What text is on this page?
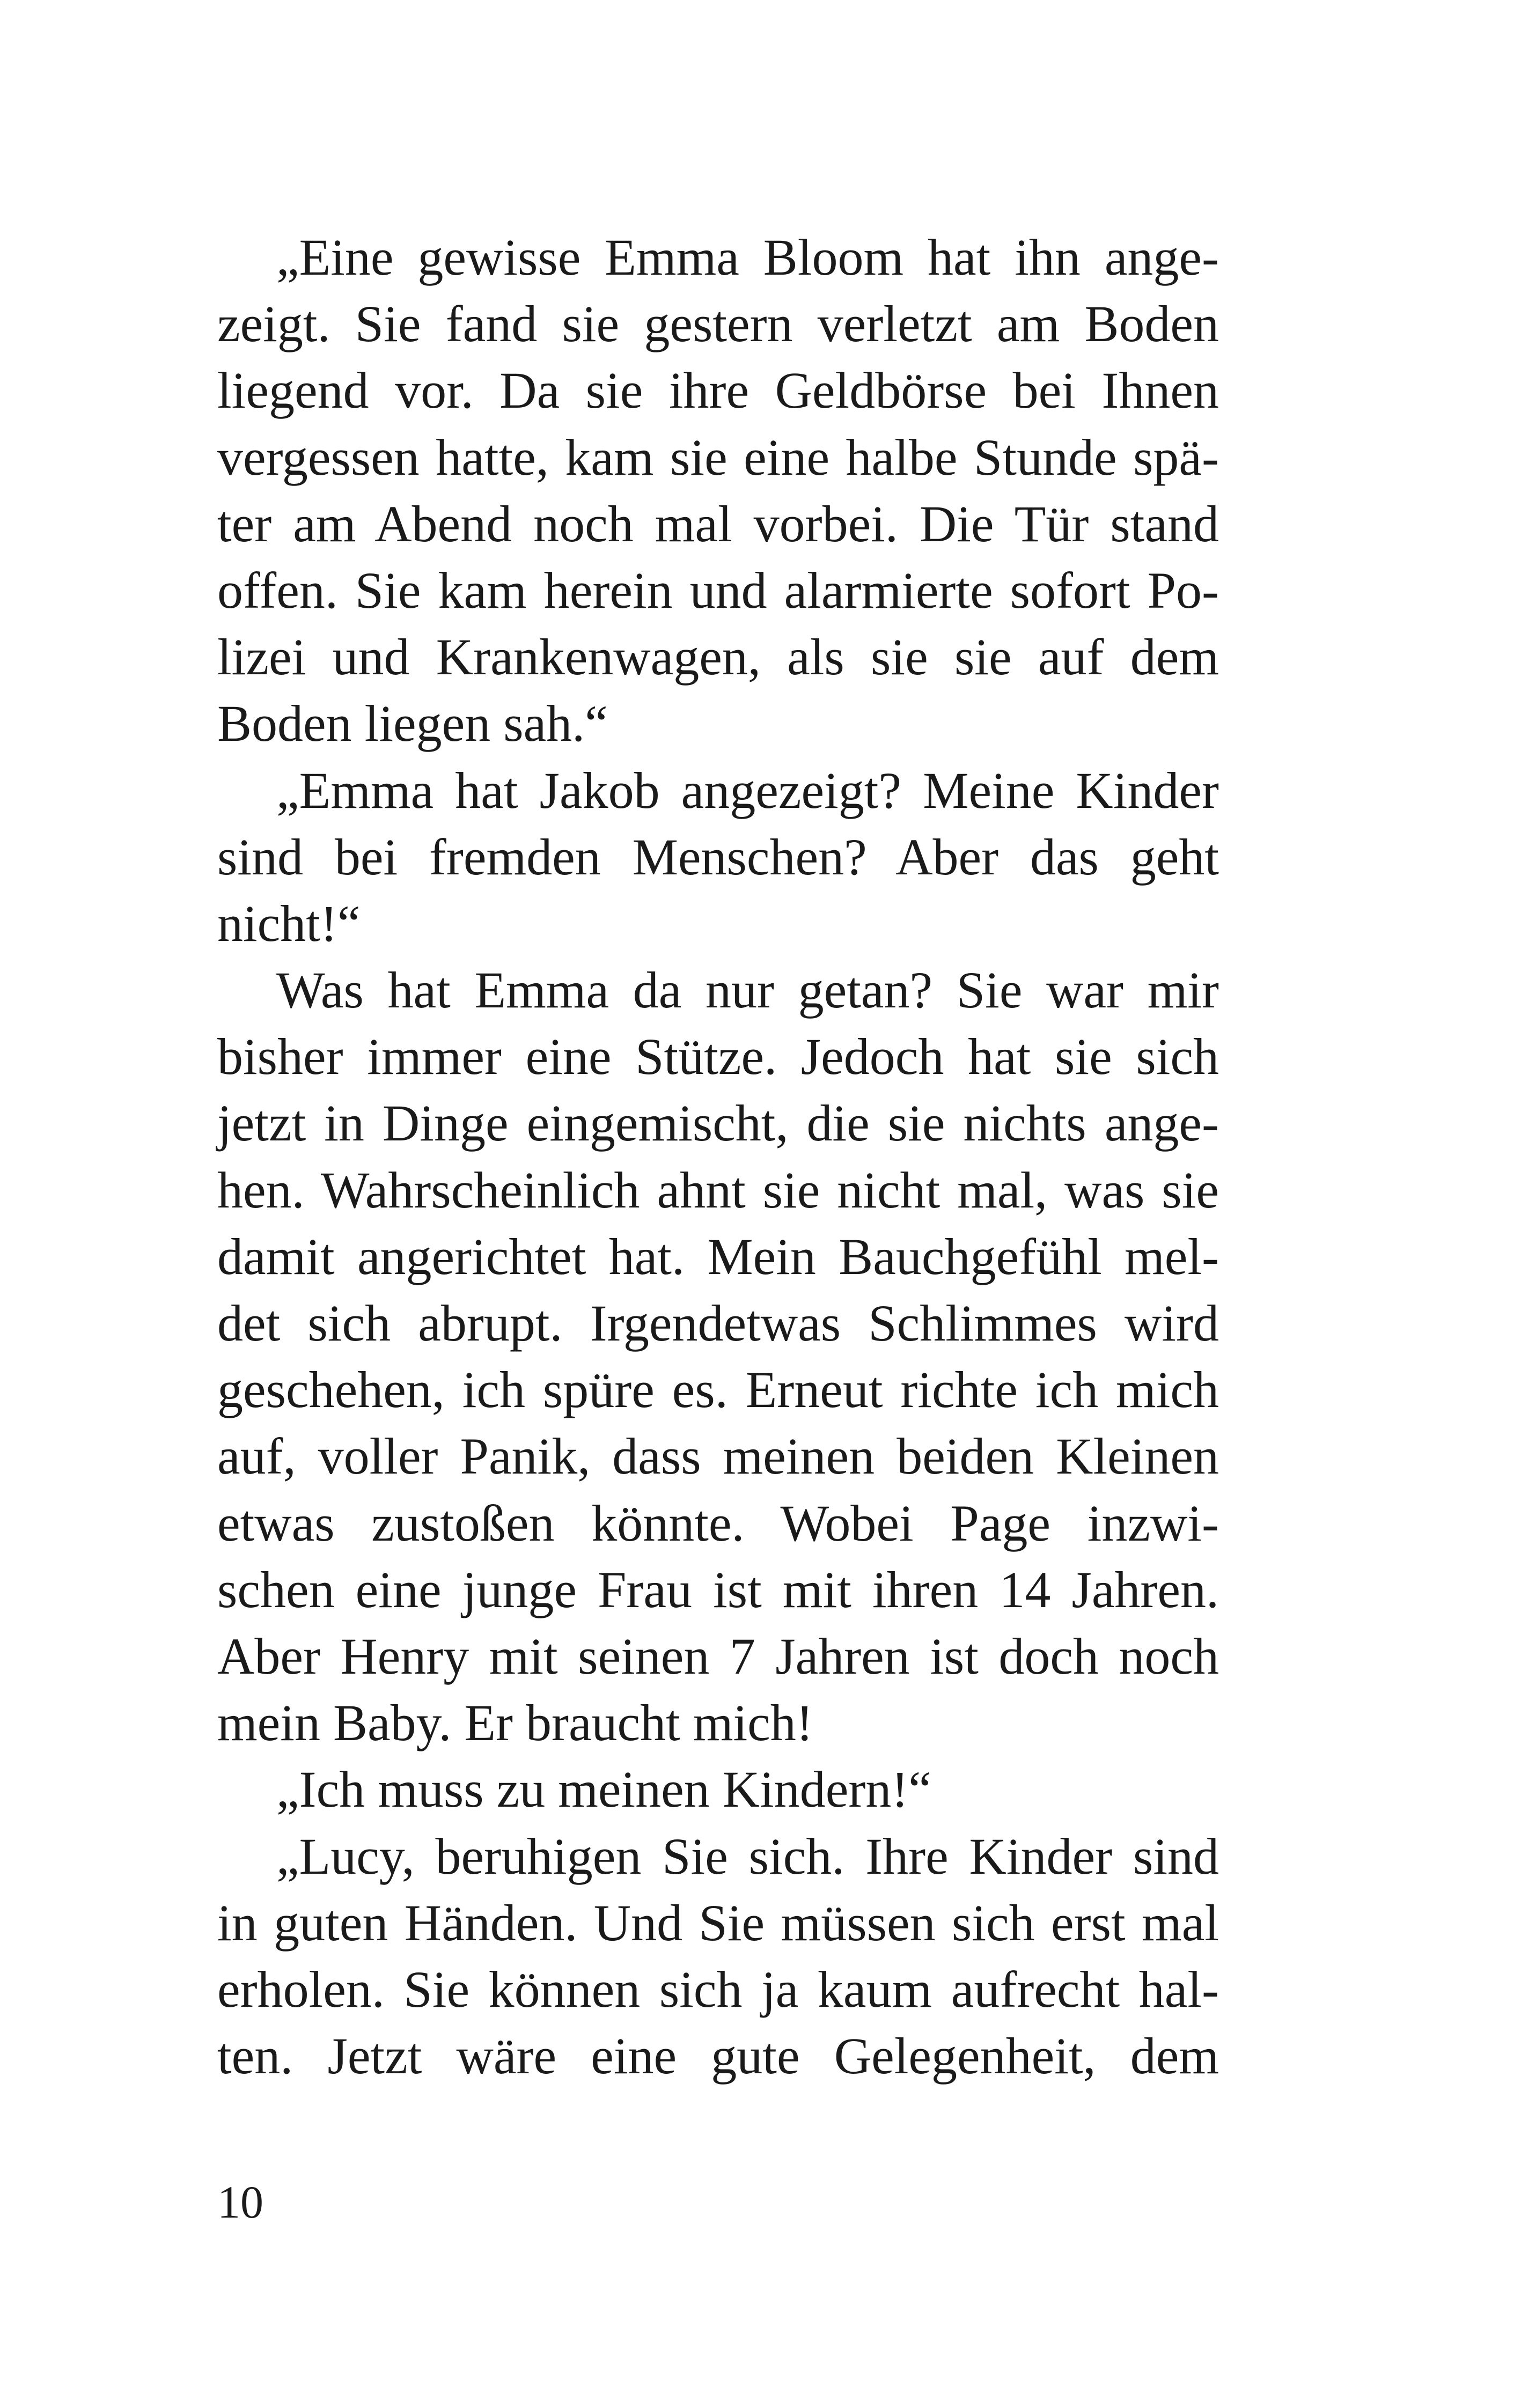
„Eine gewisse Emma Bloom hat ihn ange-
zeigt. Sie fand sie gestern verletzt am Boden
liegend vor. Da sie ihre Geldbörse bei Ihnen
vergessen hatte, kam sie eine halbe Stunde spä-
ter am Abend noch mal vorbei. Die Tür stand
offen. Sie kam herein und alarmierte sofort Po-
lizei und Krankenwagen, als sie sie auf dem
Boden liegen sah.“
„Emma hat Jakob angezeigt? Meine Kinder
sind bei fremden Menschen? Aber das geht
nicht!“
Was hat Emma da nur getan? Sie war mir
bisher immer eine Stütze. Jedoch hat sie sich
jetzt in Dinge eingemischt, die sie nichts ange-
hen. Wahrscheinlich ahnt sie nicht mal, was sie
damit angerichtet hat. Mein Bauchgefühl mel-
det sich abrupt. Irgendetwas Schlimmes wird
geschehen, ich spüre es. Erneut richte ich mich
auf, voller Panik, dass meinen beiden Kleinen
etwas zustoßen könnte. Wobei Page inzwi-
schen eine junge Frau ist mit ihren 14 Jahren.
Aber Henry mit seinen 7 Jahren ist doch noch
mein Baby. Er braucht mich!
„Ich muss zu meinen Kindern!“
„Lucy, beruhigen Sie sich. Ihre Kinder sind
in guten Händen. Und Sie müssen sich erst mal
erholen. Sie können sich ja kaum aufrecht hal-
ten. Jetzt wäre eine gute Gelegenheit, dem
10
